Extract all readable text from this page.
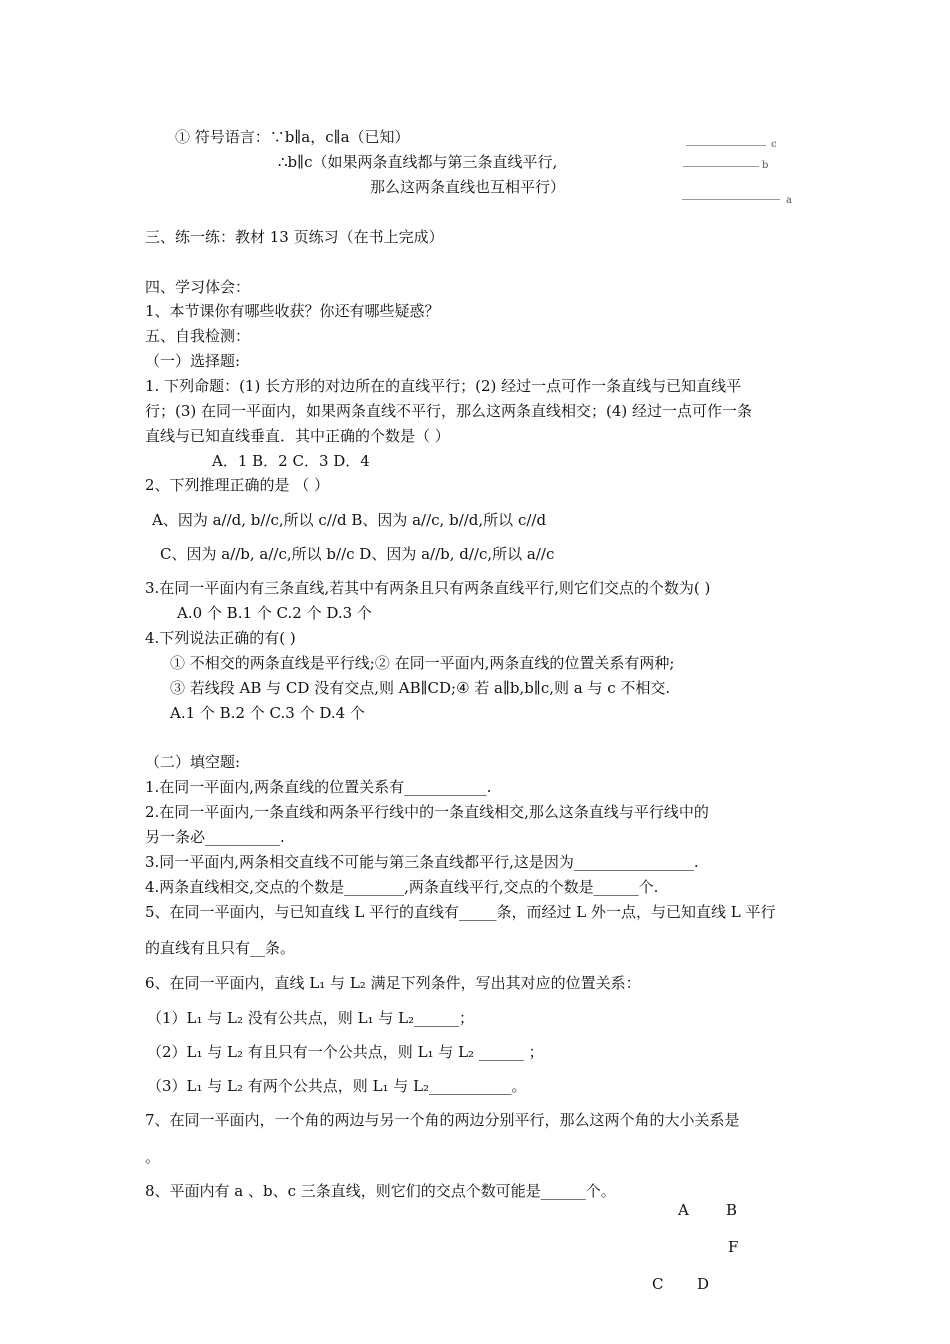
① 符号语言：∵b∥a，c∥a（已知）
∴b∥c（如果两条直线都与第三条直线平行,
那么这两条直线也互相平行）
c
b
a
三、练一练：教材 13 页练习（在书上完成）
四、学习体会：
1、本节课你有哪些收获？你还有哪些疑惑？
五、自我检测：
（一）选择题:
1. 下列命题：(1) 长方形的对边所在的直线平行；(2) 经过一点可作一条直线与已知直线平
行；(3) 在同一平面内，如果两条直线不平行，那么这两条直线相交；(4) 经过一点可作一条
直线与已知直线垂直．其中正确的个数是（ ）
A．1 B．2 C．3 D．4
2、下列推理正确的是 （ ）
A、因为 a//d, b//c,所以 c//d B、因为 a//c, b//d,所以 c//d
C、因为 a//b, a//c,所以 b//c D、因为 a//b, d//c,所以 a//c
3.在同一平面内有三条直线,若其中有两条且只有两条直线平行,则它们交点的个数为( )
A.0 个 B.1 个 C.2 个 D.3 个
4.下列说法正确的有( )
① 不相交的两条直线是平行线;② 在同一平面内,两条直线的位置关系有两种;
③ 若线段 AB 与 CD 没有交点,则 AB∥CD;④ 若 a∥b,b∥c,则 a 与 c 不相交.
A.1 个 B.2 个 C.3 个 D.4 个
（二）填空题:
1.在同一平面内,两条直线的位置关系有___________.
2.在同一平面内,一条直线和两条平行线中的一条直线相交,那么这条直线与平行线中的
另一条必__________.
3.同一平面内,两条相交直线不可能与第三条直线都平行,这是因为________________.
4.两条直线相交,交点的个数是________,两条直线平行,交点的个数是______个.
5、在同一平面内，与已知直线 L 平行的直线有_____条，而经过 L 外一点，与已知直线 L 平行
的直线有且只有__条。
6、在同一平面内，直线 L₁ 与 L₂ 满足下列条件，写出其对应的位置关系：
（1）L₁ 与 L₂ 没有公共点，则 L₁ 与 L₂______；
（2）L₁ 与 L₂ 有且只有一个公共点，则 L₁ 与 L₂ ______ ；
（3）L₁ 与 L₂ 有两个公共点，则 L₁ 与 L₂___________。
7、在同一平面内，一个角的两边与另一个角的两边分别平行，那么这两个角的大小关系是
。
8、平面内有 a 、b、c 三条直线，则它们的交点个数可能是______个。
A B
F
C D
